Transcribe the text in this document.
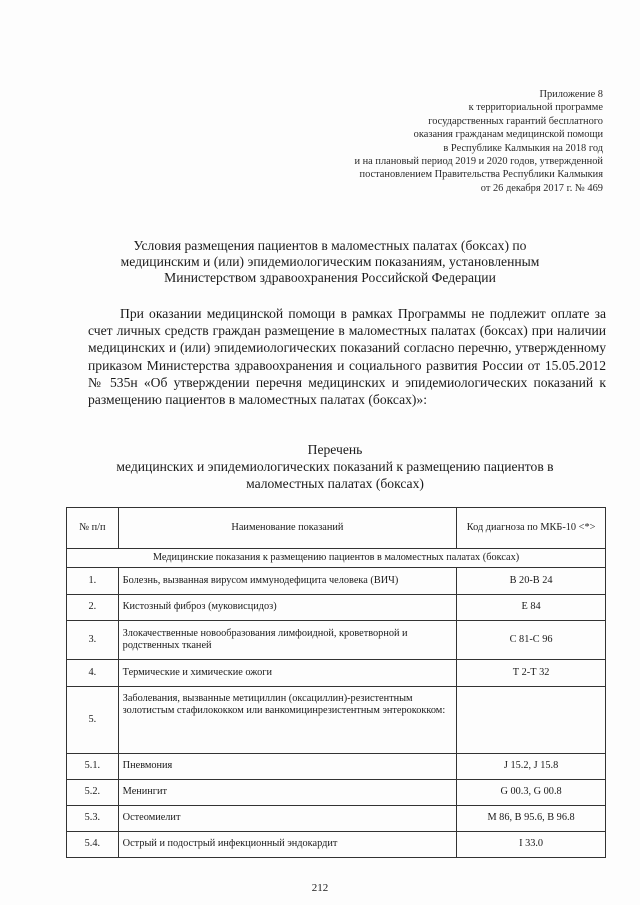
Приложение 8
к территориальной программе
государственных гарантий бесплатного
оказания гражданам медицинской помощи
в Республике Калмыкия на 2018 год
и на плановый период 2019 и 2020 годов, утвержденной
постановлением Правительства Республики Калмыкия
от 26 декабря 2017 г. № 469
Условия размещения пациентов в маломестных палатах (боксах) по
медицинским и (или) эпидемиологическим показаниям, установленным
Министерством здравоохранения Российской Федерации
При оказании медицинской помощи в рамках Программы не подлежит оплате за счет личных средств граждан размещение в маломестных палатах (боксах) при наличии медицинских и (или) эпидемиологических показаний согласно перечню, утвержденному приказом Министерства здравоохранения и социального развития России от 15.05.2012 № 535н «Об утверждении перечня медицинских и эпидемиологических показаний к размещению пациентов в маломестных палатах (боксах)»:
Перечень
медицинских и эпидемиологических показаний к размещению пациентов в
маломестных палатах (боксах)
№ п/п	Наименование показаний	Код диагноза по МКБ-10 <*>
Медицинские показания к размещению пациентов в маломестных палатах (боксах)		
1.	Болезнь, вызванная вирусом иммунодефицита человека (ВИЧ)	В 20-В 24
2.	Кистозный фиброз (муковисцидоз)	Е 84
3.	Злокачественные новообразования лимфоидной, кроветворной и родственных тканей	С 81-С 96
4.	Термические и химические ожоги	Т 2-Т 32
5.	Заболевания, вызванные метициллин (оксациллин)-резистентным золотистым стафилококком или ванкомицинрезистентным энтерококком:	
5.1.	Пневмония	J 15.2, J 15.8
5.2.	Менингит	G 00.3, G 00.8
5.3.	Остеомиелит	М 86, В 95.6, В 96.8
5.4.	Острый и подострый инфекционный эндокардит	I 33.0
212
